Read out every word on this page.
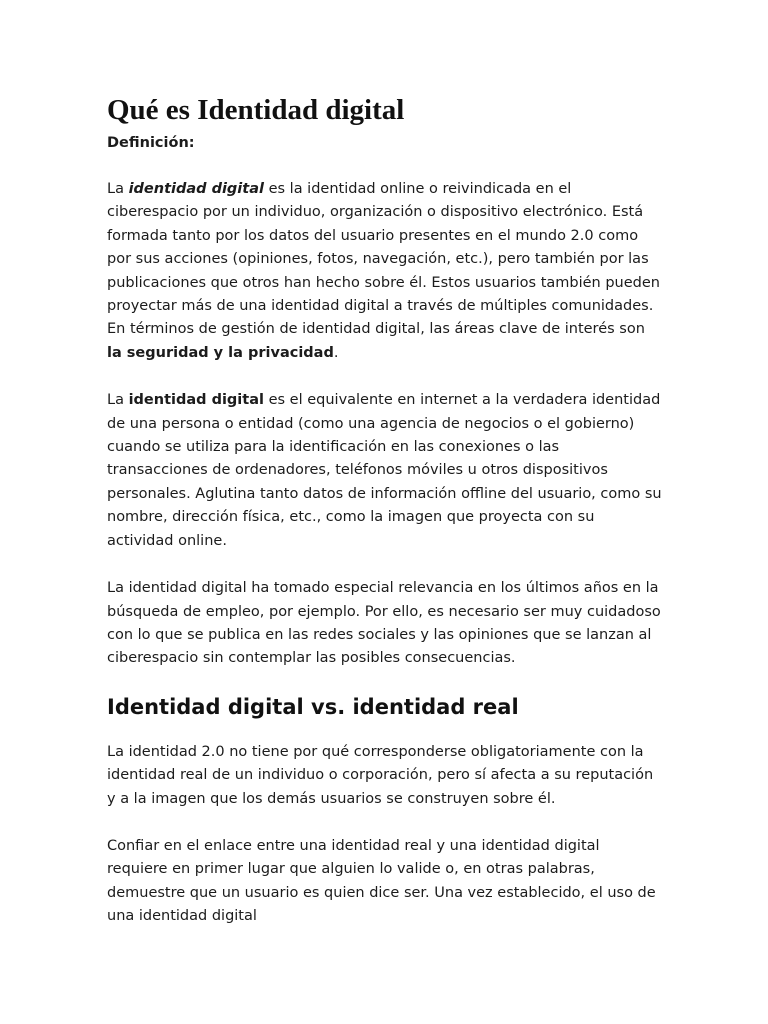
Qué es Identidad digital
Definición:

La identidad digital es la identidad online o reivindicada en el ciberespacio por un individuo, organización o dispositivo electrónico. Está formada tanto por los datos del usuario presentes en el mundo 2.0 como por sus acciones (opiniones, fotos, navegación, etc.), pero también por las publicaciones que otros han hecho sobre él. Estos usuarios también pueden proyectar más de una identidad digital a través de múltiples comunidades. En términos de gestión de identidad digital, las áreas clave de interés son la seguridad y la privacidad.

La identidad digital es el equivalente en internet a la verdadera identidad de una persona o entidad (como una agencia de negocios o el gobierno) cuando se utiliza para la identificación en las conexiones o las transacciones de ordenadores, teléfonos móviles u otros dispositivos personales. Aglutina tanto datos de información offline del usuario, como su nombre, dirección física, etc., como la imagen que proyecta con su actividad online.

La identidad digital ha tomado especial relevancia en los últimos años en la búsqueda de empleo, por ejemplo. Por ello, es necesario ser muy cuidadoso con lo que se publica en las redes sociales y las opiniones que se lanzan al ciberespacio sin contemplar las posibles consecuencias.

Identidad digital vs. identidad real

La identidad 2.0 no tiene por qué corresponderse obligatoriamente con la identidad real de un individuo o corporación, pero sí afecta a su reputación y a la imagen que los demás usuarios se construyen sobre él.

Confiar en el enlace entre una identidad real y una identidad digital requiere en primer lugar que alguien lo valide o, en otras palabras, demuestre que un usuario es quien dice ser. Una vez establecido, el uso de una identidad digital
